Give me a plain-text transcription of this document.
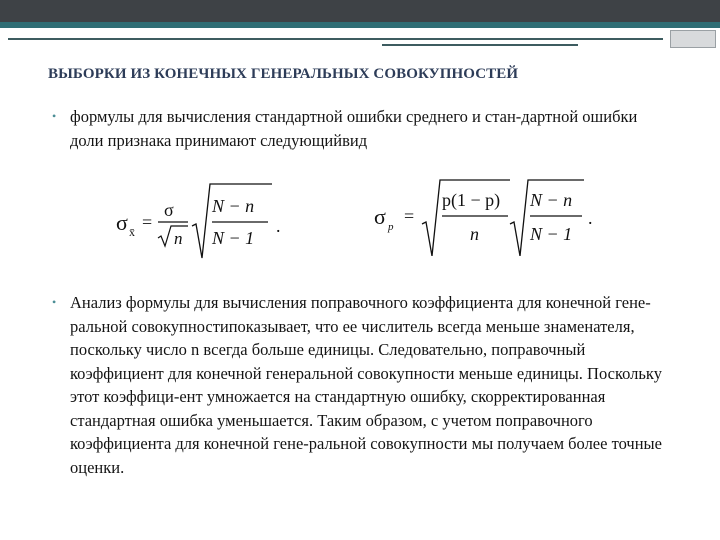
ВЫБОРКИ ИЗ КОНЕЧНЫХ ГЕНЕРАЛЬНЫХ СОВОКУПНОСТЕЙ
• формулы для вычисления стандартной ошибки среднего и стан-дартной ошибки доли признака принимают следующийвид
σ x̄ =
σ
n
N − n
N − 1
.	σ p
=
p(1 − p)
n
N − n
N − 1
.
• Анализ формулы для вычисления поправочного коэффициента для конечной гене-ральной совокупностипоказывает, что ее числитель всегда меньше знаменателя, поскольку число n всегда больше единицы. Следовательно, поправочный коэффициент для конечной генеральной совокупности меньше единицы. Поскольку этот коэффици-ент умножается на стандартную ошибку, скорректированная стандартная ошибка уменьшается. Таким образом, с учетом поправочного коэффициента для конечной гене-ральной совокупности мы получаем более точные оценки.
